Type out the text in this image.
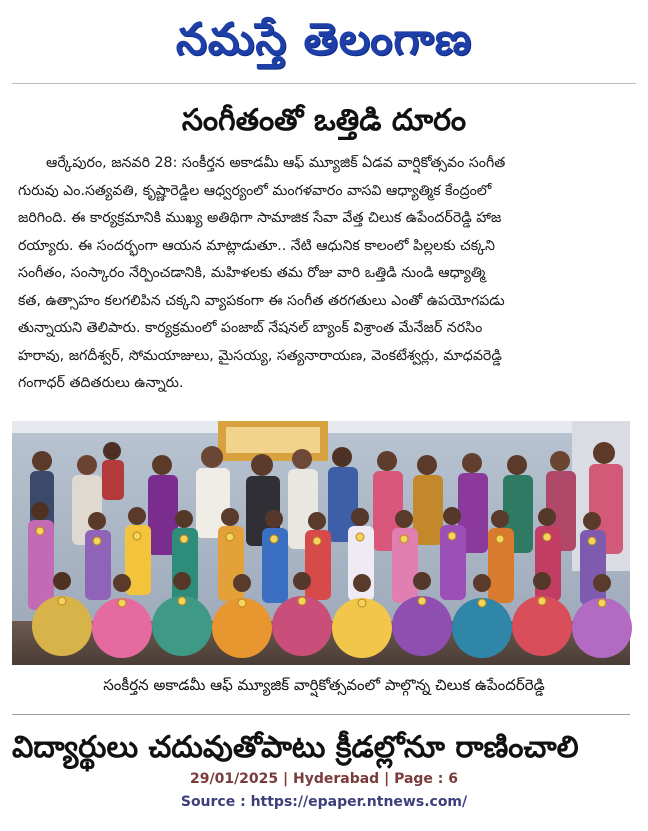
నమస్తే తెలంగాణ
సంగీతంతో ఒత్తిడి దూరం
ఆర్కేపురం, జనవరి 28: సంకీర్తన అకాడమీ ఆఫ్ మ్యూజిక్ ఏడవ వార్షికోత్సవం సంగీత
గురువు ఎం.సత్యవతి, కృష్ణారెడ్డిల ఆధ్వర్యంలో మంగళవారం వాసవి ఆధ్యాత్మిక కేంద్రంలో
జరిగింది. ఈ కార్యక్రమానికి ముఖ్య అతిథిగా సామాజిక సేవా వేత్త చిలుక ఉపేందర్‌రెడ్డి హాజ
రయ్యారు. ఈ సందర్భంగా ఆయన మాట్లాడుతూ.. నేటి ఆధునిక కాలంలో పిల్లలకు చక్కని
సంగీతం, సంస్కారం నేర్పించడానికి, మహిళలకు తమ రోజు వారి ఒత్తిడి నుండి ఆధ్యాత్మి
కత, ఉత్సాహం కలగలిపిన చక్కని వ్యాపకంగా ఈ సంగీత తరగతులు ఎంతో ఉపయోగపడు
తున్నాయని తెలిపారు. కార్యక్రమంలో పంజాబ్ నేషనల్ బ్యాంక్ విశ్రాంత మేనేజర్ నరసిం
హరావు, జగదీశ్వర్, సోమయాజులు, మైసయ్య, సత్యనారాయణ, వెంకటేశ్వర్లు, మాధవరెడ్డి
గంగాధర్ తదితరులు ఉన్నారు.
సంకీర్తన అకాడమీ ఆఫ్ మ్యూజిక్ వార్షికోత్సవంలో పాల్గొన్న చిలుక ఉపేందర్‌రెడ్డి
విద్యార్థులు చదువుతోపాటు క్రీడల్లోనూ రాణించాలి
29/01/2025 | Hyderabad | Page : 6
Source : https://epaper.ntnews.com/
